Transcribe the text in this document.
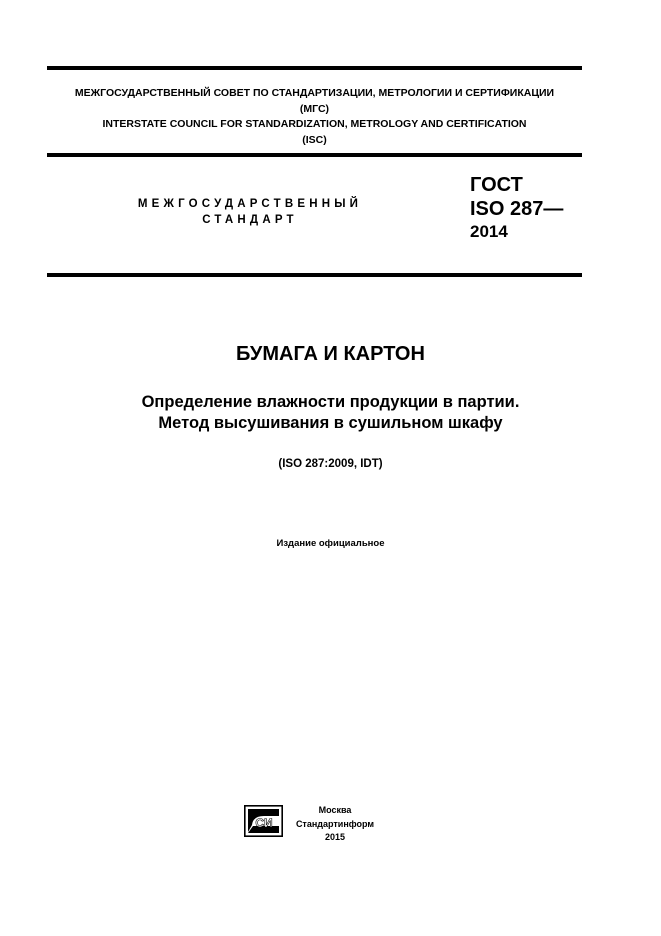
МЕЖГОСУДАРСТВЕННЫЙ СОВЕТ ПО СТАНДАРТИЗАЦИИ, МЕТРОЛОГИИ И СЕРТИФИКАЦИИ
(МГС)
INTERSTATE COUNCIL FOR STANDARDIZATION, METROLOGY AND CERTIFICATION
(ISC)
МЕЖГОСУДАРСТВЕННЫЙ
СТАНДАРТ
ГОСТ
ISO 287—
2014
БУМАГА И КАРТОН
Определение влажности продукции в партии.
Метод высушивания в сушильном шкафу
(ISO 287:2009, IDT)
Издание официальное
СИ
Москва
Стандартинформ
2015
